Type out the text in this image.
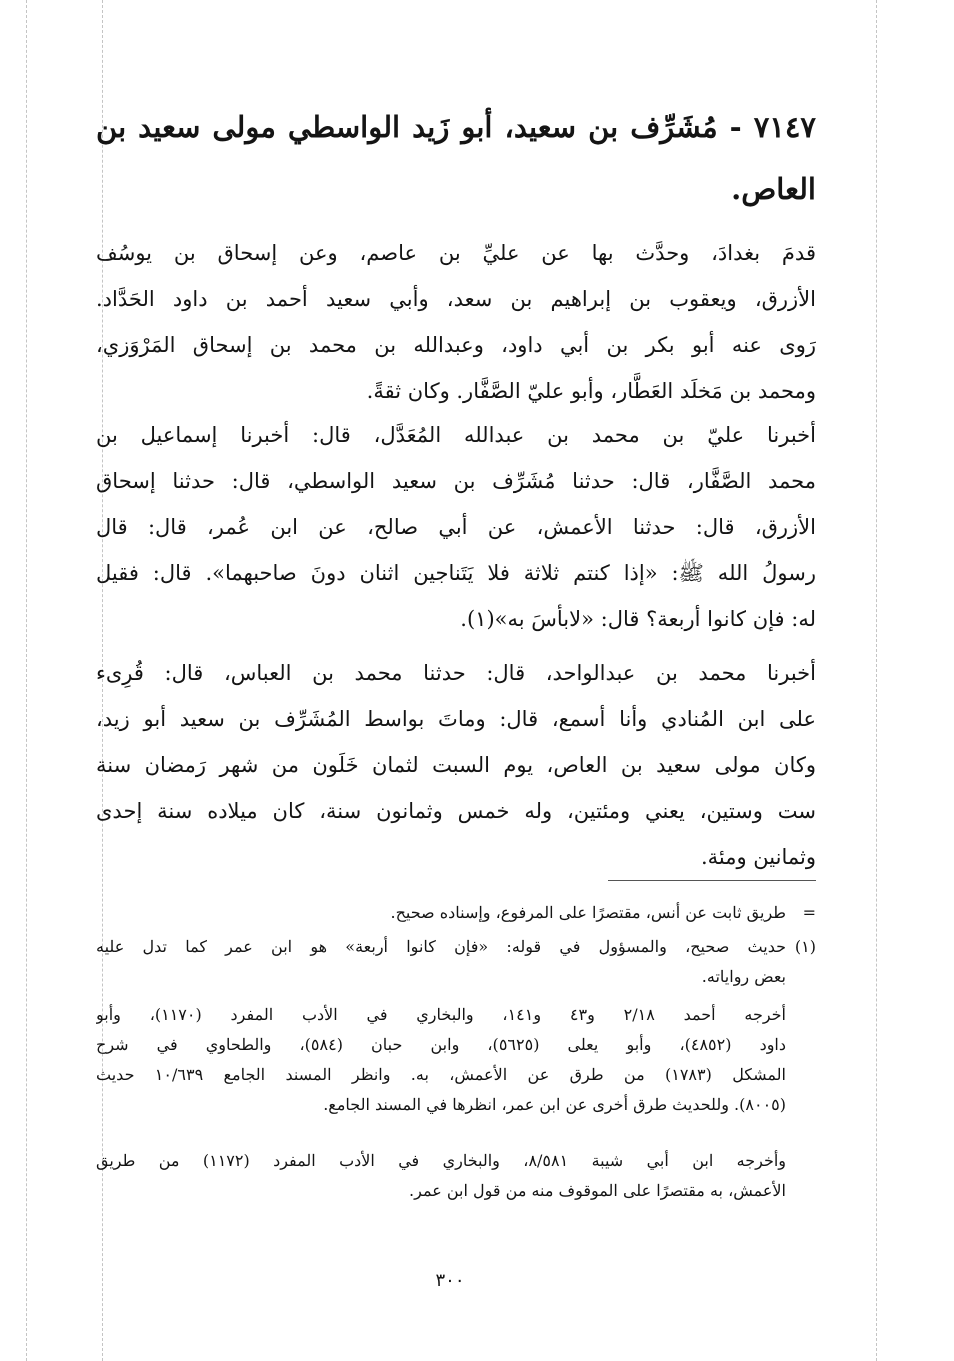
٧١٤٧ - مُشَرِّف بن سعيد، أبو زَيد الواسطي مولى سعيد بن
العاص.
قدمَ بغدادَ، وحدَّث بها عن عليِّ بن عاصم، وعن إسحاق بن يوسُف
الأزرق، ويعقوب بن إبراهيم بن سعد، وأبي سعيد أحمد بن داود الحَدَّاد.
رَوى عنه أبو بكر بن أبي داود، وعبدالله بن محمد بن إسحاق المَرْوَزي،
ومحمد بن مَخلَد العَطَّار، وأبو عليّ الصَّفَّار. وكان ثقةً.
أخبرنا عليّ بن محمد بن عبدالله المُعَدَّل، قال: أخبرنا إسماعيل بن
محمد الصَّفَّار، قال: حدثنا مُشَرِّف بن سعيد الواسطي، قال: حدثنا إسحاق
الأزرق، قال: حدثنا الأعمش، عن أبي صالح، عن ابن عُمر، قال: قال
رسولُ الله ﷺ: «إذا كنتم ثلاثة فلا يَتَناجين اثنان دونَ صاحبهما». قال: فقيل
له: فإن كانوا أربعة؟ قال: «لابأسَ به»(١).
أخبرنا محمد بن عبدالواحد، قال: حدثنا محمد بن العباس، قال: قُرِىء
على ابن المُنادي وأنا أسمع، قال: وماتَ بواسط المُشَرِّف بن سعيد أبو زيد،
وكان مولى سعيد بن العاص، يوم السبت لثمان خَلَون من شهر رَمضان سنة
ست وستين، يعني ومئتين، وله خمس وثمانون سنة، كان ميلاده سنة إحدى
وثمانين ومئة.
=
طريق ثابت عن أنس، مقتصرًا على المرفوع، وإسناده صحيح.
(١)
حديث صحيح، والمسؤول في قوله: «فإن كانوا أربعة» هو ابن عمر كما تدل عليه
بعض رواياته.
أخرجه أحمد ٢/١٨ و٤٣ و١٤١، والبخاري في الأدب المفرد (١١٧٠)، وأبو
داود (٤٨٥٢)، وأبو يعلى (٥٦٢٥)، وابن حبان (٥٨٤)، والطحاوي في شرح
المشكل (١٧٨٣) من طرق عن الأعمش، به. وانظر المسند الجامع ١٠/٦٣٩ حديث
(٨٠٠٥). وللحديث طرق أخرى عن ابن عمر، انظرها في المسند الجامع.
وأخرجه ابن أبي شيبة ٨/٥٨١، والبخاري في الأدب المفرد (١١٧٢) من طريق
الأعمش، به مقتصرًا على الموقوف منه من قول ابن عمر.
٣٠٠
